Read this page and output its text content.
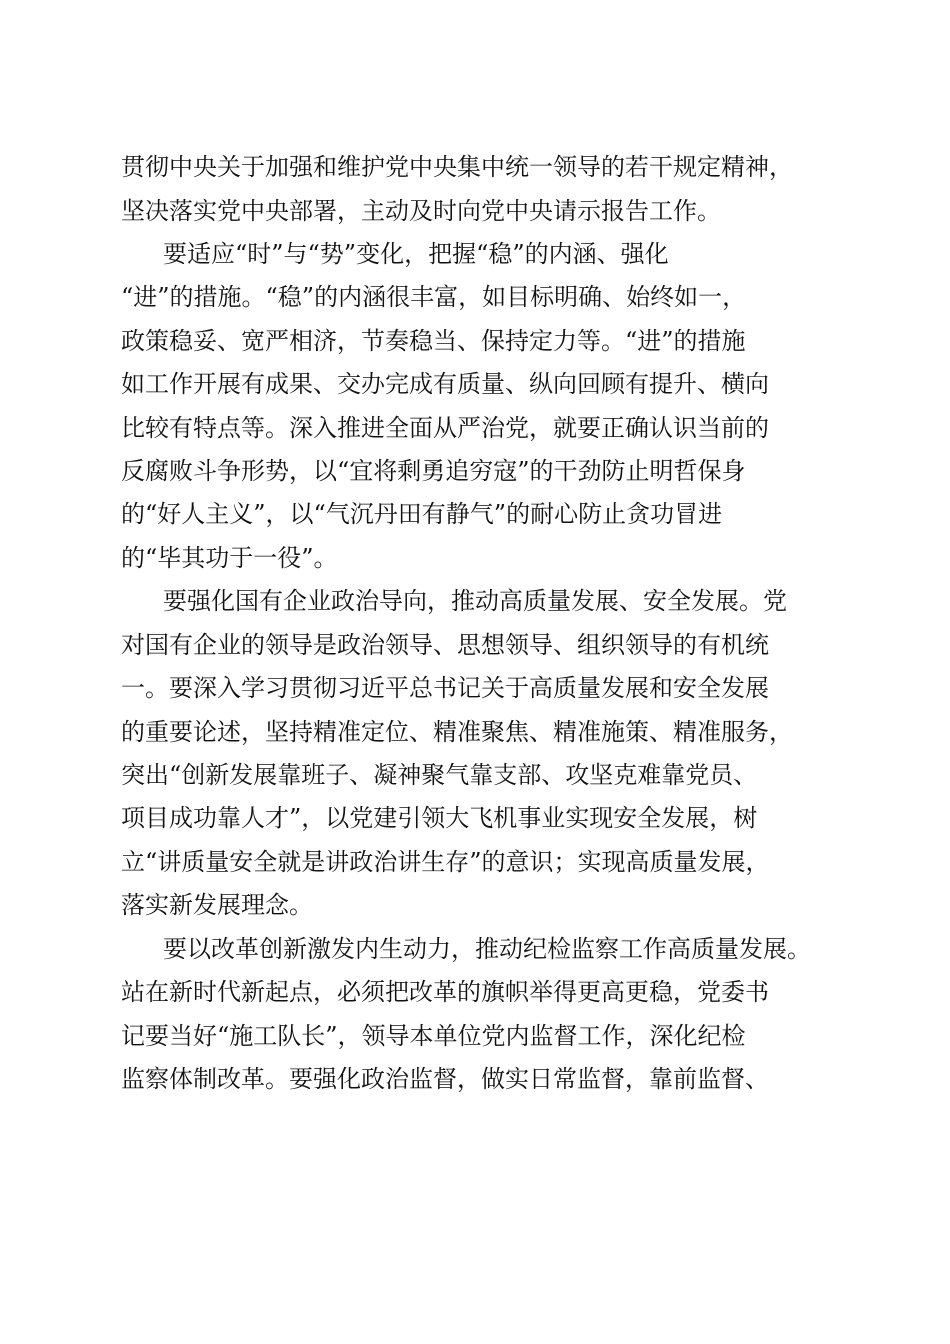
贯彻中央关于加强和维护党中央集中统一领导的若干规定精神，
坚决落实党中央部署，主动及时向党中央请示报告工作。
要适应“时”与“势”变化，把握“稳”的内涵、强化
“进”的措施。“稳”的内涵很丰富，如目标明确、始终如一，
政策稳妥、宽严相济，节奏稳当、保持定力等。“进”的措施
如工作开展有成果、交办完成有质量、纵向回顾有提升、横向
比较有特点等。深入推进全面从严治党，就要正确认识当前的
反腐败斗争形势，以“宜将剩勇追穷寇”的干劲防止明哲保身
的“好人主义”，以“气沉丹田有静气”的耐心防止贪功冒进
的“毕其功于一役”。
要强化国有企业政治导向，推动高质量发展、安全发展。党
对国有企业的领导是政治领导、思想领导、组织领导的有机统
一。要深入学习贯彻习近平总书记关于高质量发展和安全发展
的重要论述，坚持精准定位、精准聚焦、精准施策、精准服务，
突出“创新发展靠班子、凝神聚气靠支部、攻坚克难靠党员、
项目成功靠人才”，以党建引领大飞机事业实现安全发展，树
立“讲质量安全就是讲政治讲生存”的意识；实现高质量发展，
落实新发展理念。
要以改革创新激发内生动力，推动纪检监察工作高质量发展。
站在新时代新起点，必须把改革的旗帜举得更高更稳，党委书
记要当好“施工队长”，领导本单位党内监督工作，深化纪检
监察体制改革。要强化政治监督，做实日常监督，靠前监督、
